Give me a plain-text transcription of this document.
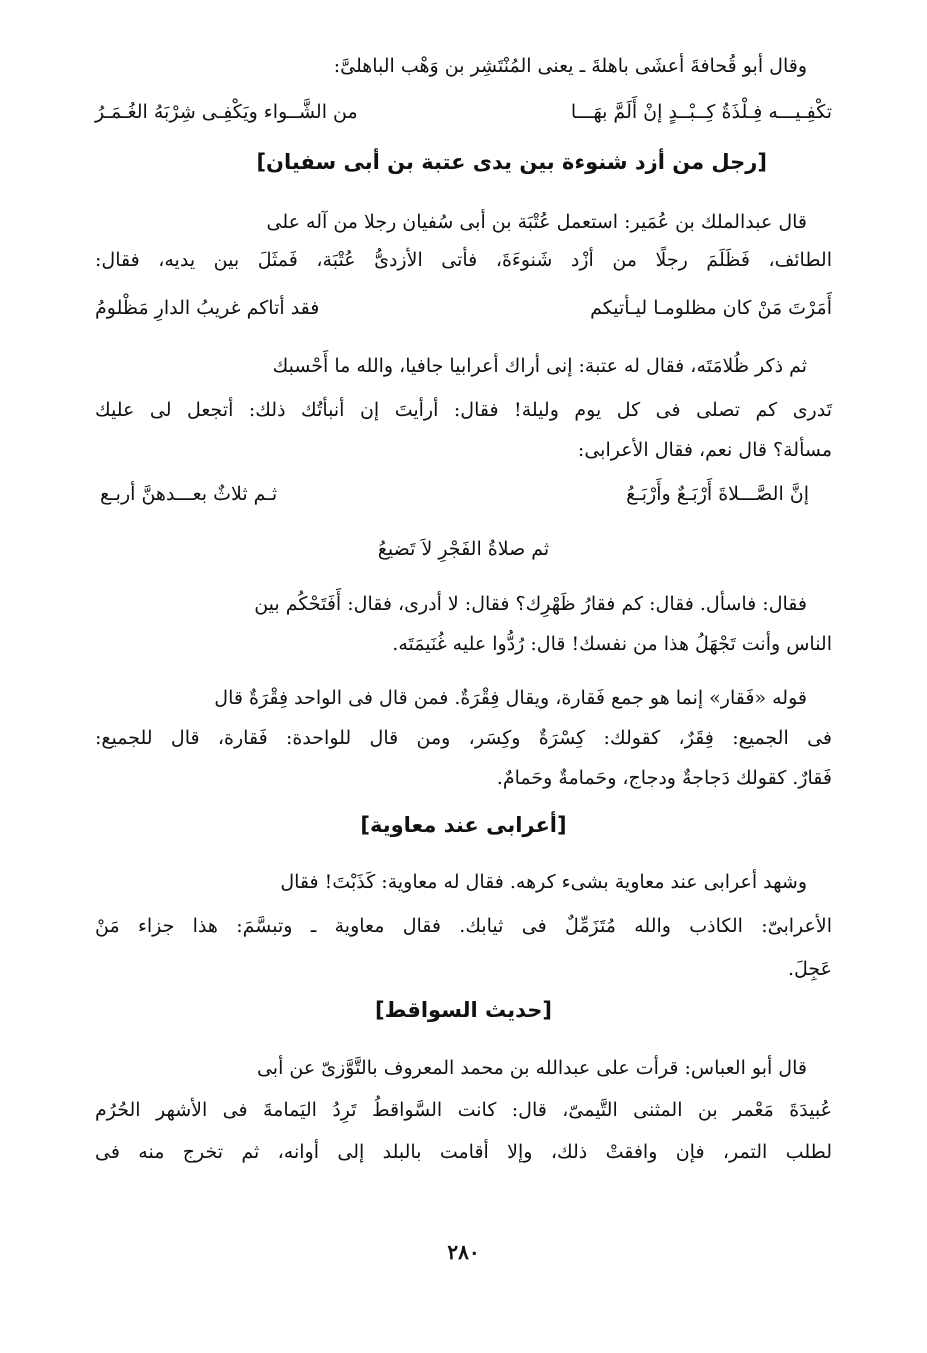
وقال أبو قُحافةَ أعشَى باهلةَ ـ يعنى المُنْتَشِر بن وَهْب الباهلىَّ:
تكْفِـيـــه فِـلْذَةُ كِــبْــدٍ إنْ أَلَمَّ بهَـــا
من الشَّــواء ويَكْفِـى شِرْبَهُ الغُـمَـرُ
[رجل من أزد شنوءة بين يدى عتبة بن أبى سفيان]
قال عبدالملك بن عُمَير: استعمل عُتْبَة بن أبى سُفيان رجلا من آله على
الطائف، فَظَلَمَ رجلًا من أزْد شَنوءَةَ، فأتى الأزدىُّ عُتْبَة، فَمثَلَ بين يديه، فقال:
أَمَرْتَ مَنْ كان مظلومـا ليـأتيكم
فقد أتاكم غريبُ الدارِ مَظْلومُ
ثم ذكر ظُلامَتَه، فقال له عتبة: إنى أراك أعرابيا جافيا، والله ما أَحْسبك
تَدرى كم تصلى فى كل يوم وليلة! فقال: أرأيتَ إن أنبأتُك ذلك: أتجعل لى عليك
مسألة؟ قال نعم، فقال الأعرابى:
إنَّ الصَّـــلاةَ أَرْبَـعٌ وأَرْبَـعُ
ثـم ثلاثٌ بعـــدهنَّ أربـع
ثم صلاةُ الفَجْرِ لاَ تَضيعُ
فقال: فاسأل. فقال: كم فقارُ ظَهْرِك؟ فقال: لا أدرى، فقال: أَفَتَحْكُم بين
الناس وأنت تَجْهَلُ هذا من نفسك! قال: رُدُّوا عليه غُنَيمَتَه.
قوله «فَقار» إنما هو جمع فَقارة، ويقال فِقْرَةٌ. فمن قال فى الواحد فِقْرَةٌ قال
فى الجميع: فِقَرٌ، كقولك: كِسْرَةٌ وكِسَر، ومن قال للواحدة: فَقارة، قال للجميع:
فَقارٌ. كقولك دَجاجةٌ ودجاج، وحَمامةٌ وحَمامٌ.
[أعرابى عند معاوية]
وشهد أعرابى عند معاوية بشىء كرهه. فقال له معاوية: كَذَبْتَ! فقال
الأعرابىّ: الكاذب والله مُتَزَمِّلٌ فى ثيابك. فقال معاوية ـ وتبسَّمَ: هذا جزاء مَنْ
عَجِلَ.
[حديث السواقط]
قال أبو العباس: قرأت على عبدالله بن محمد المعروف بالتَّوَّزىّ عن أبى
عُبيدَةَ مَعْمر بن المثنى التَّيمىّ، قال: كانت السَّواقطُ تَرِدُ اليَمامةَ فى الأشهر الحُرُم
لطلب التمر، فإن وافقتْ ذلك، وإلا أقامت بالبلد إلى أوانه، ثم تخرج منه فى
٢٨٠
